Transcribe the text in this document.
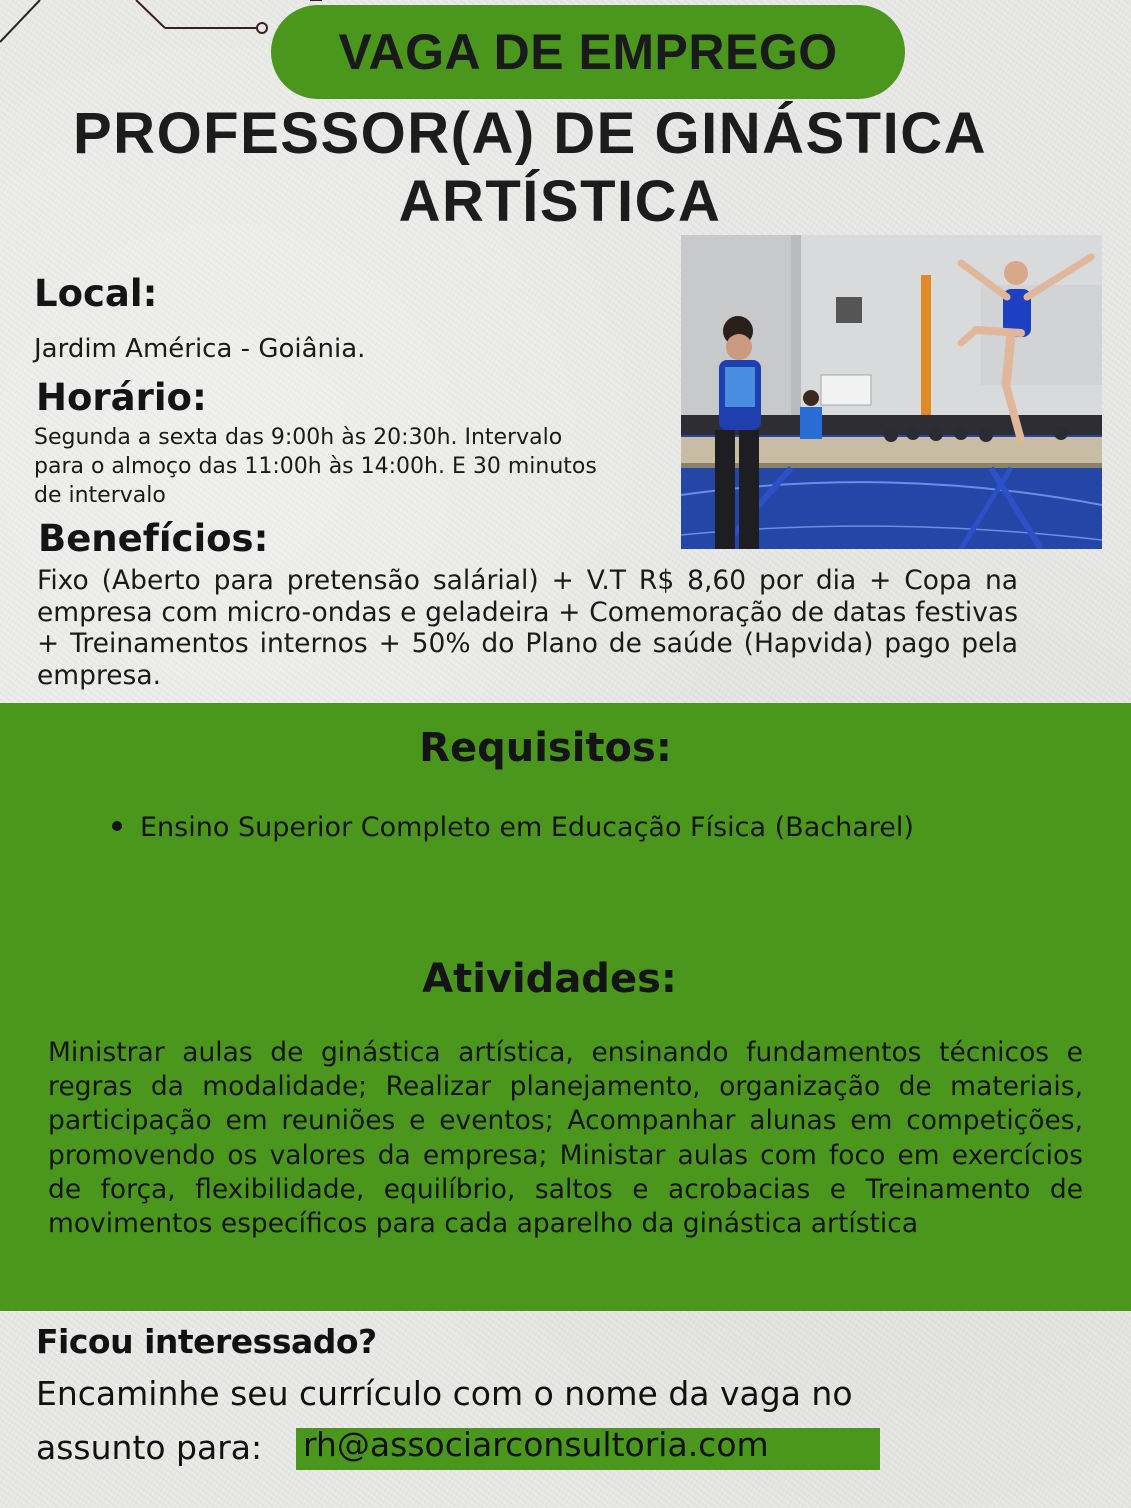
VAGA DE EMPREGO
PROFESSOR(A) DE GINÁSTICA
ARTÍSTICA
Local:
Jardim América - Goiânia.
Horário:
Segunda a sexta das 9:00h às 20:30h. Intervalo
para o almoço das 11:00h às 14:00h. E 30 minutos
de intervalo
Benefícios:
Fixo (Aberto para pretensão salárial) + V.T R$ 8,60 por dia + Copa na empresa com micro-ondas e geladeira + Comemoração de datas festivas + Treinamentos internos + 50% do Plano de saúde (Hapvida) pago pela empresa.
Requisitos:
Ensino Superior Completo em Educação Física (Bacharel)
Atividades:
Ministrar aulas de ginástica artística, ensinando fundamentos técnicos e regras da modalidade; Realizar planejamento, organização de materiais, participação em reuniões e eventos; Acompanhar alunas em competições, promovendo os valores da empresa; Ministar aulas com foco em exercícios de força, flexibilidade, equilíbrio, saltos e acrobacias e Treinamento de movimentos específicos para cada aparelho da ginástica artística
Ficou interessado?
Encaminhe seu currículo com o nome da vaga no
assunto para:	rh@associarconsultoria.com
